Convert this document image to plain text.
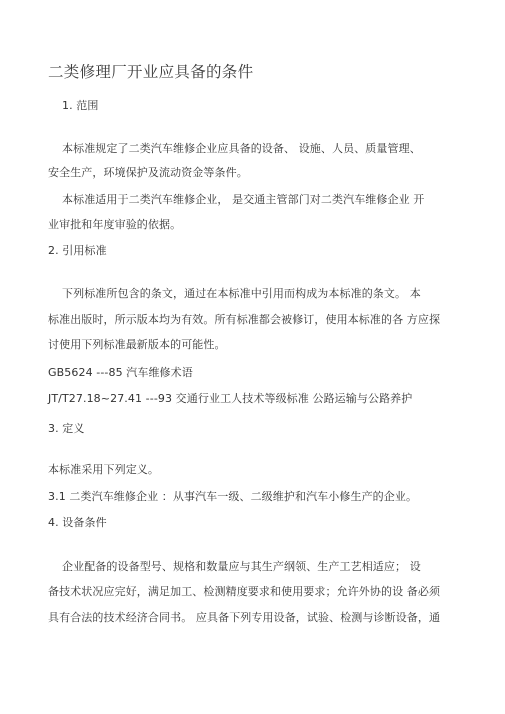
二类修理厂开业应具备的条件
1. 范围
本标准规定了二类汽车维修企业应具备的设备、 设施、人员、质量管理、
安全生产，环境保护及流动资金等条件。
本标准适用于二类汽车维修企业， 是交通主管部门对二类汽车维修企业 开
业审批和年度审验的依据。
2. 引用标准
下列标准所包含的条文，通过在本标准中引用而构成为本标准的条文。 本
标准出版时，所示版本均为有效。所有标准都会被修订，使用本标准的各 方应探
讨使用下列标准最新版本的可能性。
GB5624 ---85 汽车维修术语
JT/T27.18~27.41 ---93 交通行业工人技术等级标准 公路运输与公路养护
3. 定义
本标准采用下列定义。
3.1 二类汽车维修企业 ：从事汽车一级、二级维护和汽车小修生产的企业。
4. 设备条件
企业配备的设备型号、规格和数量应与其生产纲领、生产工艺相适应； 设
备技术状况应完好，满足加工、检测精度要求和使用要求；允许外协的设 备必须
具有合法的技术经济合同书。 应具备下列专用设备，试验、检测与诊断设备，通
